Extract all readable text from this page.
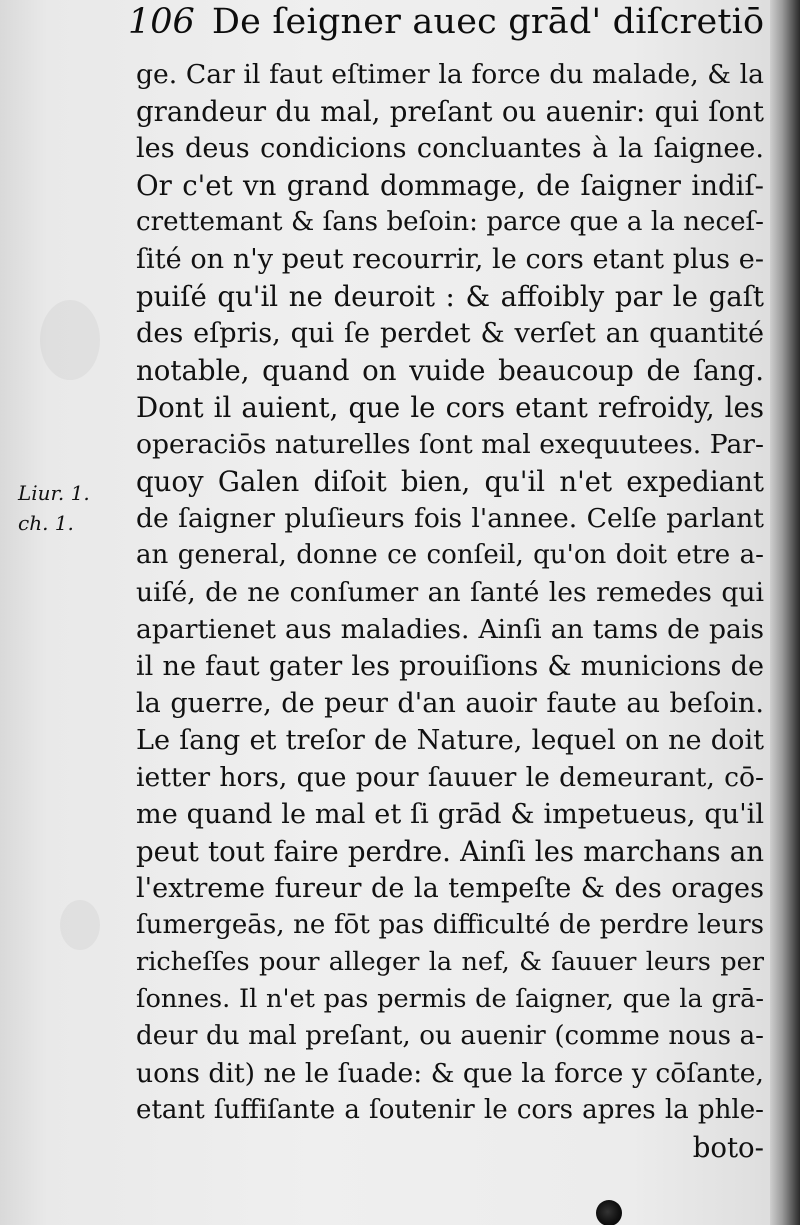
106 De ſeigner auec grād' diſcretiō
Liur. 1.
ch. 1.
ge. Car il faut eſtimer la force du malade, & la
grandeur du mal, preſant ou auenir: qui ſont
les deus condicions concluantes à la ſaignee.
Or c'et vn grand dommage, de ſaigner indiſ-
crettemant & ſans beſoin: parce que a la neceſ-
ſité on n'y peut recourrir, le cors etant plus e-
puiſé qu'il ne deuroit : & affoibly par le gaſt
des eſpris, qui ſe perdet & verſet an quantité
notable, quand on vuide beaucoup de ſang.
Dont il auient, que le cors etant refroidy, les
operaciōs naturelles ſont mal exequutees. Par-
quoy Galen diſoit bien, qu'il n'et expediant
de ſaigner pluſieurs fois l'annee. Celſe parlant
an general, donne ce conſeil, qu'on doit etre a-
uiſé, de ne conſumer an ſanté les remedes qui
apartienet aus maladies. Ainſi an tams de pais
il ne faut gater les prouiſions & municions de
la guerre, de peur d'an auoir faute au beſoin.
Le ſang et treſor de Nature, lequel on ne doit
ietter hors, que pour ſauuer le demeurant, cō-
me quand le mal et ſi grād & impetueus, qu'il
peut tout faire perdre. Ainſi les marchans an
l'extreme fureur de la tempeſte & des orages
ſumergeās, ne fōt pas difficulté de perdre leurs
richeſſes pour alleger la nef, & ſauuer leurs per
ſonnes. Il n'et pas permis de ſaigner, que la grā-
deur du mal preſant, ou auenir (comme nous a-
uons dit) ne le ſuade: & que la force y cōſante,
etant ſuffiſante a ſoutenir le cors apres la phle-
boto-
